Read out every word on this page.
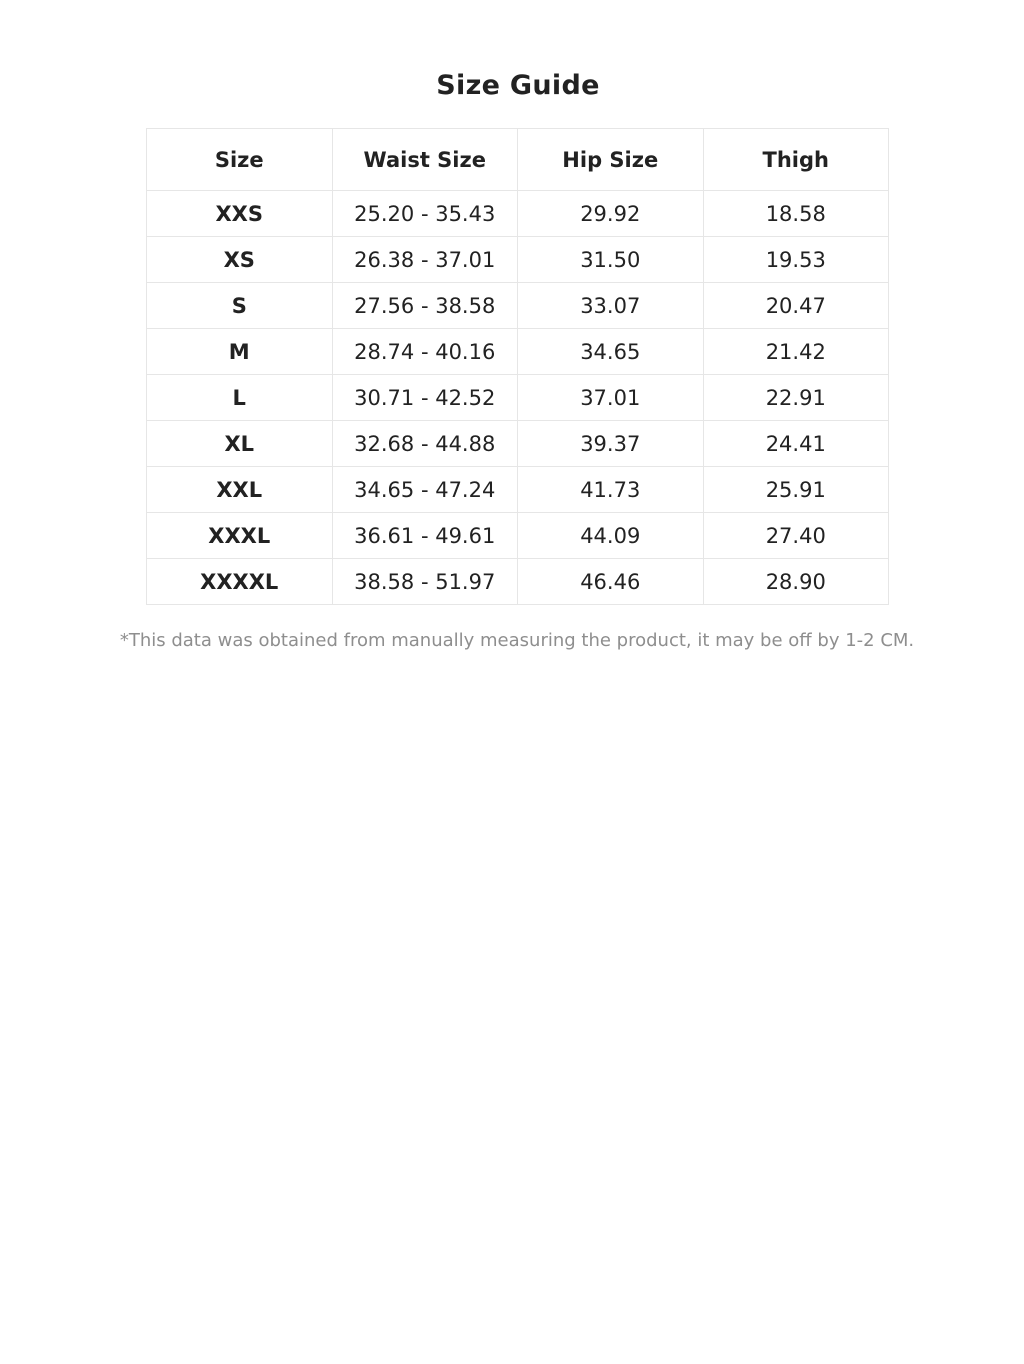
Size Guide
Size	Waist Size	Hip Size	Thigh
XXS	25.20 - 35.43	29.92	18.58
XS	26.38 - 37.01	31.50	19.53
S	27.56 - 38.58	33.07	20.47
M	28.74 - 40.16	34.65	21.42
L	30.71 - 42.52	37.01	22.91
XL	32.68 - 44.88	39.37	24.41
XXL	34.65 - 47.24	41.73	25.91
XXXL	36.61 - 49.61	44.09	27.40
XXXXL	38.58 - 51.97	46.46	28.90

*This data was obtained from manually measuring the product, it may be off by 1-2 CM.
